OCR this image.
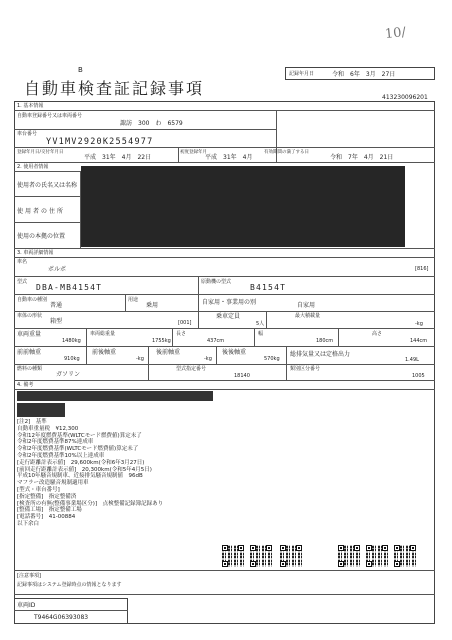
10/
B	記録年月日	令和　6年　3月　27日
自動車検査証記録事項	413230096201
1. 基本情報
自動車登録番号又は車両番号
諏訪　300　わ　6579
車台番号
YV1MV2920K2554977
登録年月日/交付年月日
平成　31年　4月　22日
初度登録年月
平成　31年　4月
有効期間の満了する日
令和　7年　4月　21日
2. 使用者情報
使用者の氏名又は名称
使用者の住所
使用の本拠の位置
3. 車両詳細情報
車名
ボルボ	[816]
型式
DBA-MB4154T
原動機の型式
B4154T
自動車の種別
普通
用途
乗用	自家用・事業用の別	自家用
車体の形状
箱型	[001]
乗車定員
5人
最大積載量
-kg
車両重量
1480kg
車両総重量
1755kg
長さ
437cm
幅
180cm
高さ
144cm
前前軸重
910kg
前後軸重
-kg
後前軸重
-kg
後後軸重
570kg
総排気量又は定格出力
1.49L
燃料の種類
ガソリン
型式指定番号
18140
類別区分番号
1005
4. 備考
[注2]　基準
自動車重量税　¥12,300
令和12年度燃費基準(WLTCモード燃費値)算定未了
令和2年度燃費基準87%達成車
令和2年度燃費基準(WLTCモード燃費値)算定未了
令和2年度燃費基準10%以上達成車
[走行距離計表示値]　29,600km(令和6年3月27日)
[前回走行距離計表示値]　20,300km(令和5年4月5日)
平成10年騒音規制車、近接排気騒音規制値　96dB
マフラー改造騒音規制適用車
[型式・車台番号]
[指定整備]　指定整備済
[検査所の有無(整備事業場区分)]　点検整備記録簿記録あり
[整備工場]　指定整備工場
[電話番号]　41-00884
以下余白
[注意事項]
記録事項はシステム登録時点の情報となります
車両ID
T9464G06393083
